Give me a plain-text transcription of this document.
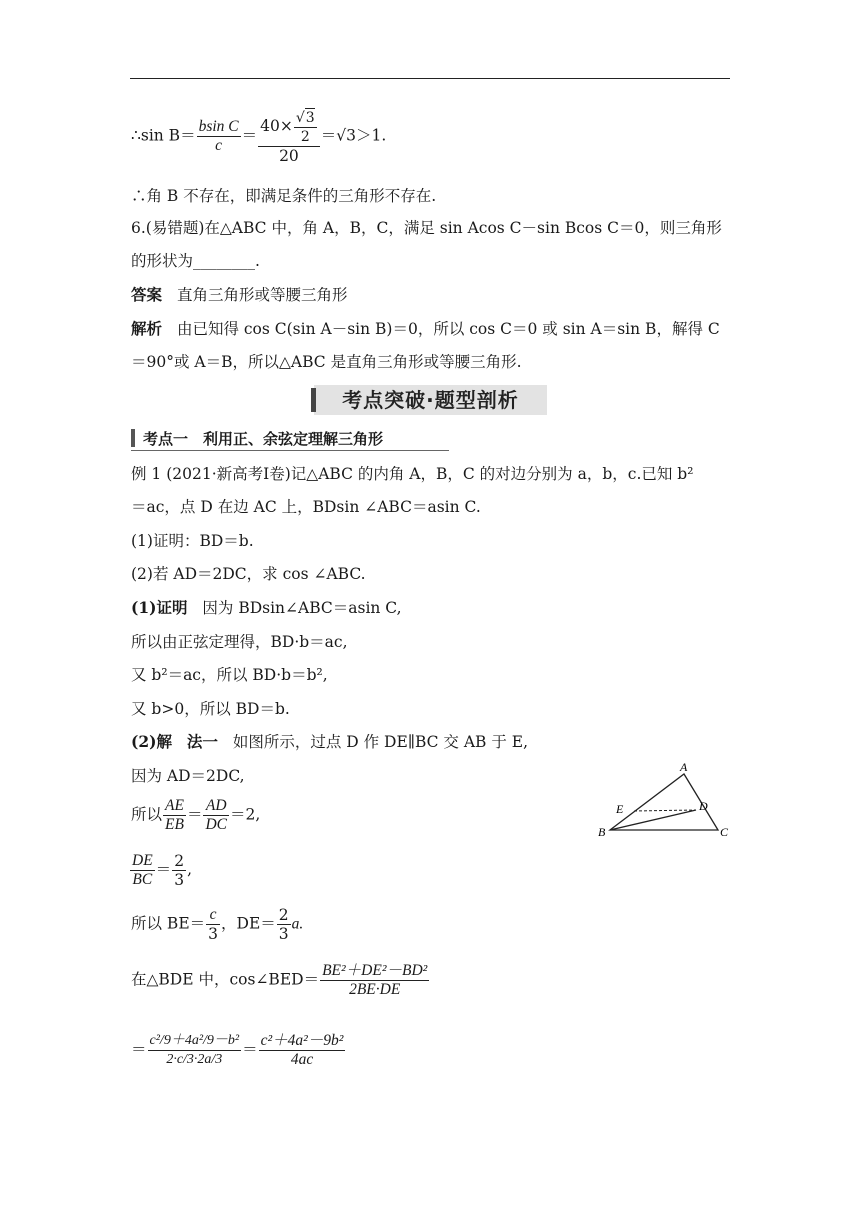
∴sin $B= \frac{\text{bsin C}}{c} = \frac{40\times \frac{√3}{2}}{20} =√3>1$.
∴角 B 不存在，即满足条件的三角形不存在.
6.(易错题)在△ABC 中，角 A，B，C，满足 sin Acos C－sin Bcos C＝0，则三角形
的形状为________.
答案 直角三角形或等腰三角形
解析 由已知得 cos C(sin A－sin B)＝0，所以 cos C＝0 或 sin A＝sin B，解得 C
＝90°或 A＝B，所以△ABC 是直角三角形或等腰三角形.
考点突破·题型剖析
考点一　利用正、余弦定理解三角形
例 1 (2021·新高考Ⅰ卷)记△ABC 的内角 A，B，C 的对边分别为 a，b，c.已知 b²
＝ac，点 D 在边 AC 上，BDsin ∠ABC＝asin C.
(1)证明：BD＝b.
(2)若 AD＝2DC，求 cos ∠ABC.
(1)证明 因为 BDsin∠ABC＝asin C,
所以由正弦定理得，BD·b＝ac,
又 b²＝ac，所以 BD·b＝b²,
又 b>0，所以 BD＝b.
(2)解 法一 如图所示，过点 D 作 DE∥BC 交 AB 于 E,
因为 AD＝2DC,
所以 $\frac{AE}{EB} = \frac{AD}{DC} =2$,
$\frac{DE}{BC} = \frac{2}{3}$ ,
所以 $BE= \frac{c}{3}$ ，$DE= \frac{2}{3} a$.
在△BDE 中，cos∠BED＝ $\frac{\text{BE²＋DE²－BD²}}{2BE\cdot DE}$
＝ $\frac{\text{c²/9＋4a²/9－b²}}{2\cdot c/3\cdot 2a/3} = \frac{\text{c²＋4a²－9b²}}{4ac}$
A
B	C
D
E
